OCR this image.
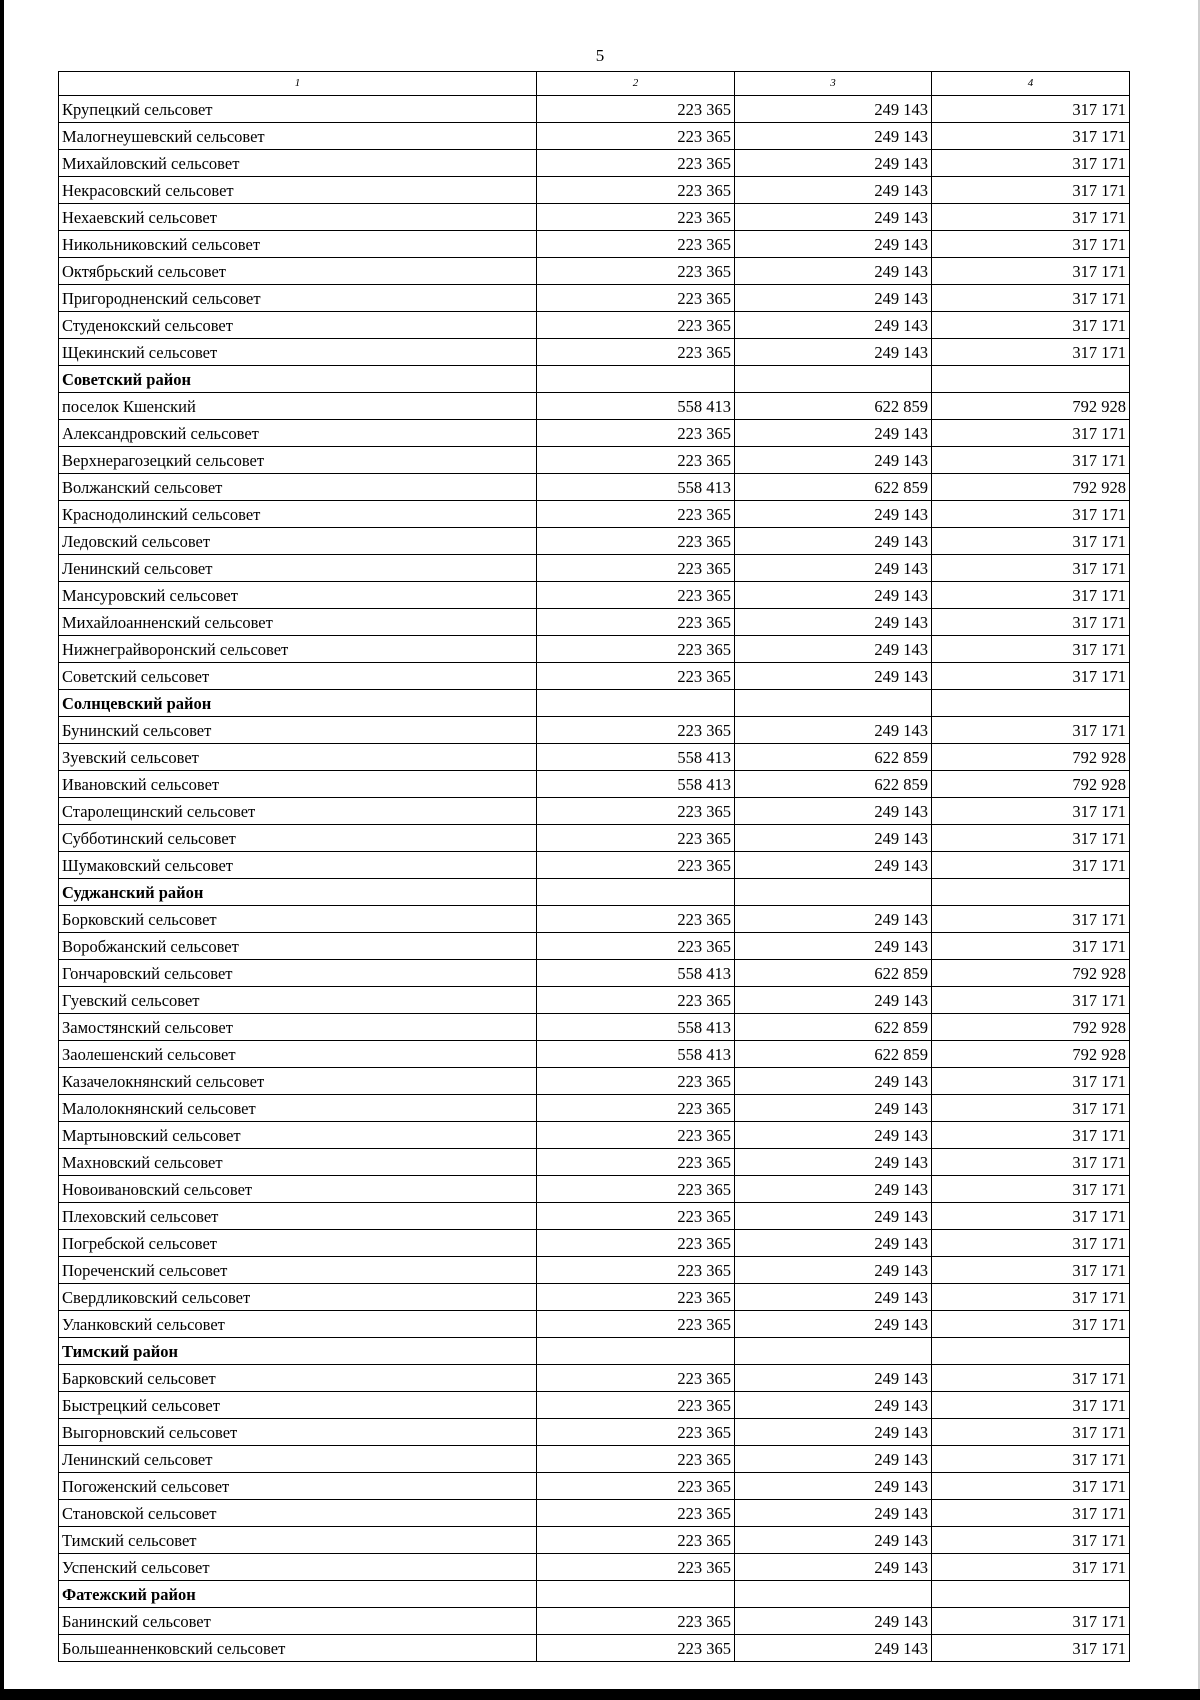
5
1	2	3	4
Крупецкий сельсовет	223 365	249 143	317 171
Малогнеушевский сельсовет	223 365	249 143	317 171
Михайловский сельсовет	223 365	249 143	317 171
Некрасовский сельсовет	223 365	249 143	317 171
Нехаевский сельсовет	223 365	249 143	317 171
Никольниковский сельсовет	223 365	249 143	317 171
Октябрьский сельсовет	223 365	249 143	317 171
Пригородненский сельсовет	223 365	249 143	317 171
Студенокский сельсовет	223 365	249 143	317 171
Щекинский сельсовет	223 365	249 143	317 171
Советский район			
поселок Кшенский	558 413	622 859	792 928
Александровский сельсовет	223 365	249 143	317 171
Верхнерагозецкий сельсовет	223 365	249 143	317 171
Волжанский сельсовет	558 413	622 859	792 928
Краснодолинский сельсовет	223 365	249 143	317 171
Ледовский сельсовет	223 365	249 143	317 171
Ленинский сельсовет	223 365	249 143	317 171
Мансуровский сельсовет	223 365	249 143	317 171
Михайлоанненский сельсовет	223 365	249 143	317 171
Нижнеграйворонский сельсовет	223 365	249 143	317 171
Советский сельсовет	223 365	249 143	317 171
Солнцевский район			
Бунинский сельсовет	223 365	249 143	317 171
Зуевский сельсовет	558 413	622 859	792 928
Ивановский сельсовет	558 413	622 859	792 928
Старолещинский сельсовет	223 365	249 143	317 171
Субботинский сельсовет	223 365	249 143	317 171
Шумаковский сельсовет	223 365	249 143	317 171
Суджанский район			
Борковский сельсовет	223 365	249 143	317 171
Воробжанский сельсовет	223 365	249 143	317 171
Гончаровский сельсовет	558 413	622 859	792 928
Гуевский сельсовет	223 365	249 143	317 171
Замостянский сельсовет	558 413	622 859	792 928
Заолешенский сельсовет	558 413	622 859	792 928
Казачелокнянский сельсовет	223 365	249 143	317 171
Малолокнянский сельсовет	223 365	249 143	317 171
Мартыновский сельсовет	223 365	249 143	317 171
Махновский сельсовет	223 365	249 143	317 171
Новоивановский сельсовет	223 365	249 143	317 171
Плеховский сельсовет	223 365	249 143	317 171
Погребской сельсовет	223 365	249 143	317 171
Пореченский сельсовет	223 365	249 143	317 171
Свердликовский сельсовет	223 365	249 143	317 171
Уланковский сельсовет	223 365	249 143	317 171
Тимский район			
Барковский сельсовет	223 365	249 143	317 171
Быстрецкий сельсовет	223 365	249 143	317 171
Выгорновский сельсовет	223 365	249 143	317 171
Ленинский сельсовет	223 365	249 143	317 171
Погоженский сельсовет	223 365	249 143	317 171
Становской сельсовет	223 365	249 143	317 171
Тимский сельсовет	223 365	249 143	317 171
Успенский сельсовет	223 365	249 143	317 171
Фатежский район			
Банинский сельсовет	223 365	249 143	317 171
Большеанненковский сельсовет	223 365	249 143	317 171
